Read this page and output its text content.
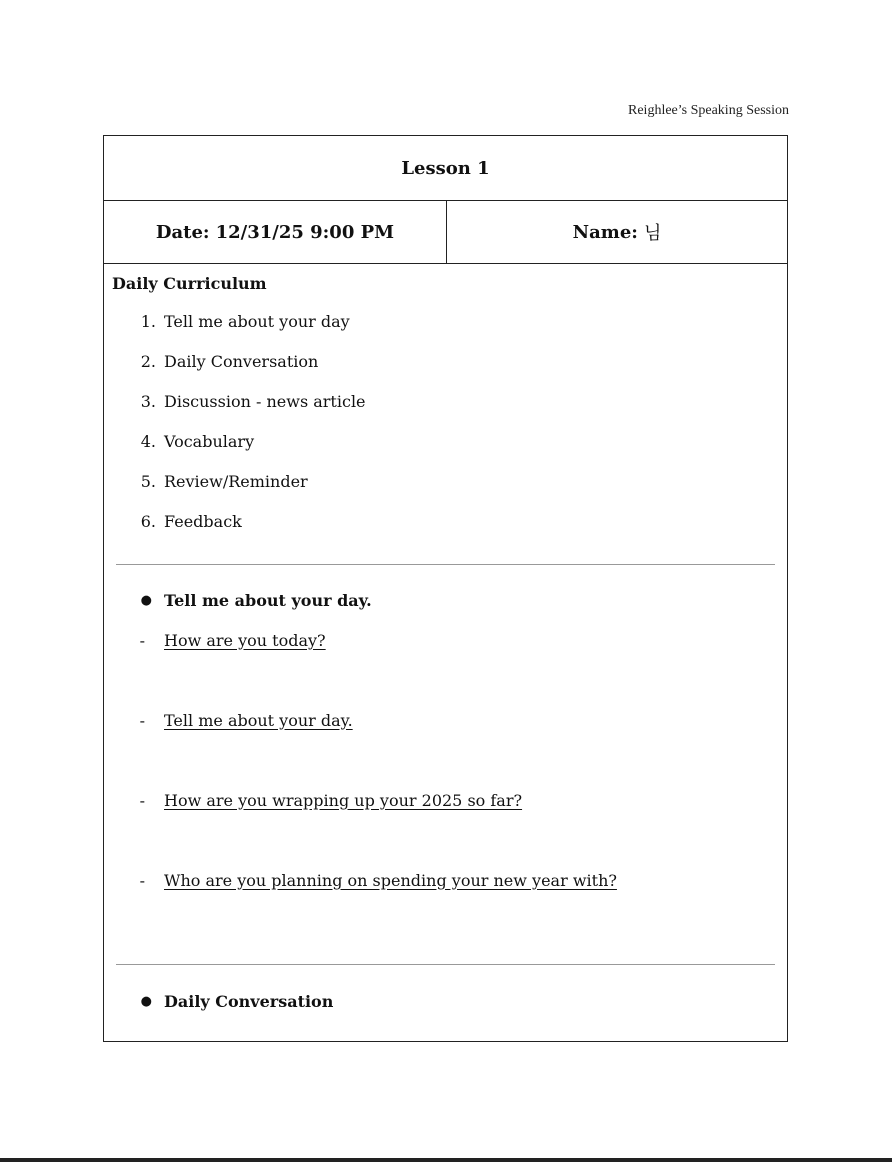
Reighlee’s Speaking Session
Lesson 1
Date: 12/31/25 9:00 PM	Name: 님
Daily Curriculum
1. Tell me about your day
2. Daily Conversation
3. Discussion - news article
4. Vocabulary
5. Review/Reminder
6. Feedback
● Tell me about your day.
-	How are you today?
-	Tell me about your day.
-	How are you wrapping up your 2025 so far?
-	Who are you planning on spending your new year with?
● Daily Conversation
